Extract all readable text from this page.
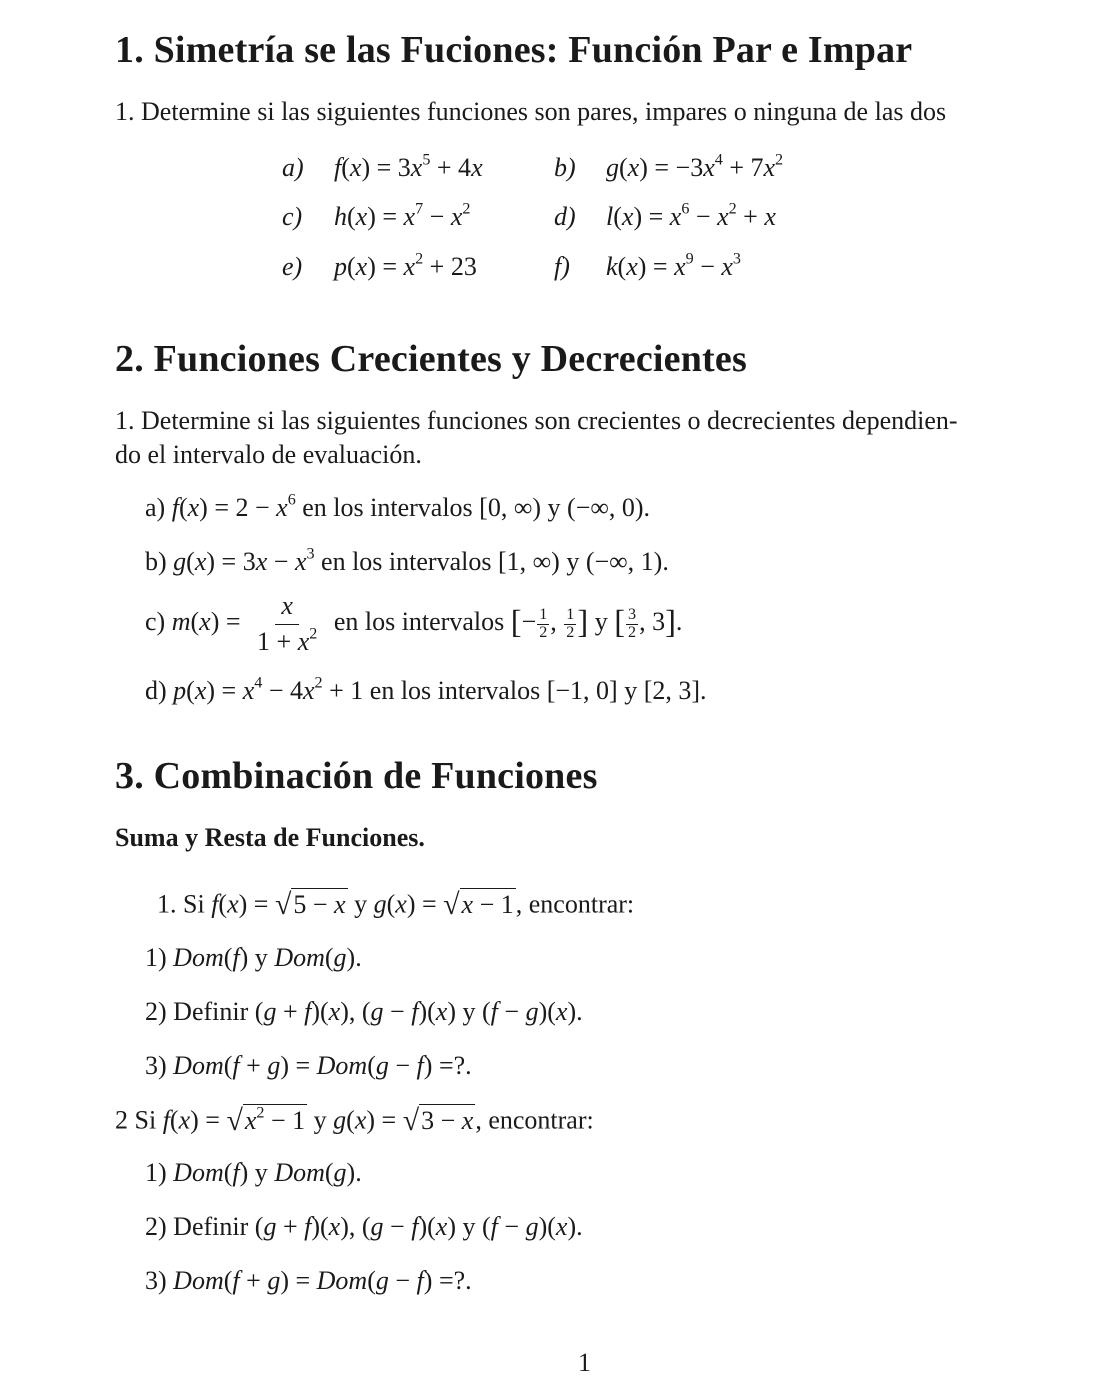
1. Simetría se las Fuciones: Función Par e Impar
1. Determine si las siguientes funciones son pares, impares o ninguna de las dos
a) $f(x) = 3x^5 + 4x$	b) $g(x) = -3x^4 + 7x^2$
c) $h(x) = x^7 - x^2$	d) $l(x) = x^6 - x^2 + x$
e) $p(x) = x^2 + 23$	f) $k(x) = x^9 - x^3$
2. Funciones Crecientes y Decrecientes
1. Determine si las siguientes funciones son crecientes o decrecientes dependien-
do el intervalo de evaluación.
a) $f(x) = 2 - x^6$ en los intervalos [0, ∞) y (−∞, 0).
b) $g(x) = 3x - x^3$ en los intervalos [1, ∞) y (−∞, 1).
c) $m(x) = \frac{x}{1 + x^2}$ en los intervalos [− $\frac{1}{2}$ , $\frac{1}{2}$ ] y [ $\frac{3}{2}$ , 3].
d) $p(x) = x^4 - 4x^2 + 1$ en los intervalos [−1, 0] y [2, 3].
3. Combinación de Funciones
Suma y Resta de Funciones.
1. Si f(x) = √5 − x y g(x) = √x − 1, encontrar:
1) Dom(f) y Dom(g).
2) Definir (g + f)(x), (g − f)(x) y (f − g)(x).
3) Dom(f + g) = Dom(g − f) =?.
2 Si $f(x) = √x^2 - 1$ y g(x) = √3 − x, encontrar:
1) Dom(f) y Dom(g).
2) Definir (g + f)(x), (g − f)(x) y (f − g)(x).
3) Dom(f + g) = Dom(g − f) =?.
1
